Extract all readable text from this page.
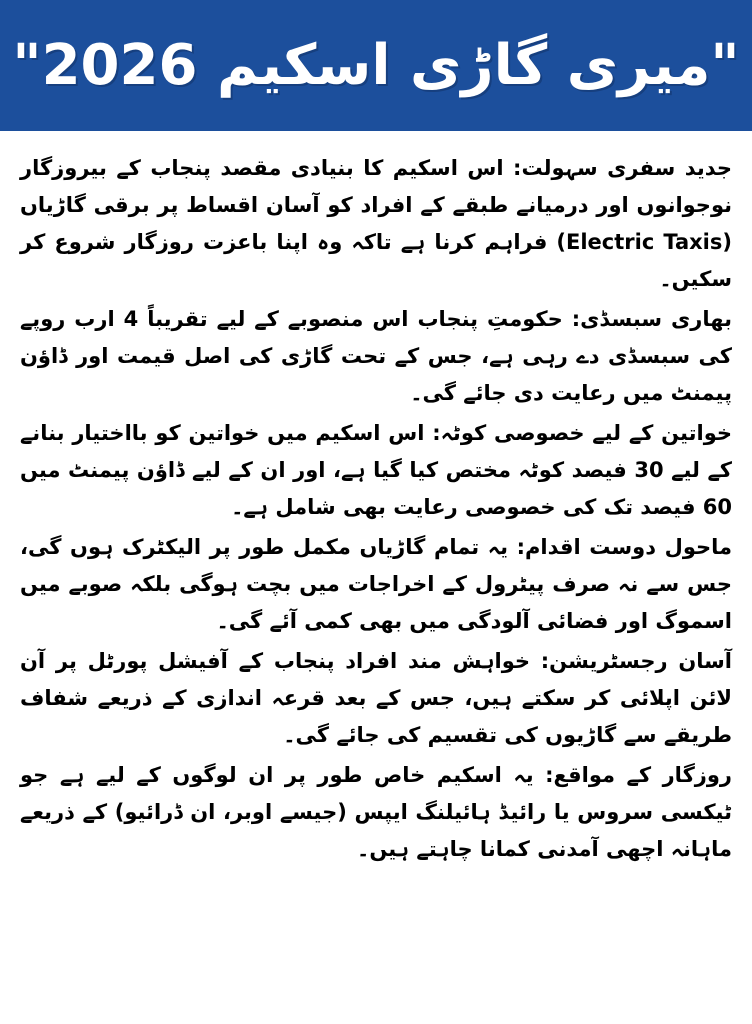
"میری گاڑی اسکیم 2026"

جدید سفری سہولت: اس اسکیم کا بنیادی مقصد پنجاب کے بیروزگار نوجوانوں اور درمیانے طبقے کے افراد کو آسان اقساط پر برقی گاڑیاں (Electric Taxis) فراہم کرنا ہے تاکہ وہ اپنا باعزت روزگار شروع کر سکیں۔

بھاری سبسڈی: حکومتِ پنجاب اس منصوبے کے لیے تقریباً 4 ارب روپے کی سبسڈی دے رہی ہے، جس کے تحت گاڑی کی اصل قیمت اور ڈاؤن پیمنٹ میں رعایت دی جائے گی۔

خواتین کے لیے خصوصی کوٹہ: اس اسکیم میں خواتین کو بااختیار بنانے کے لیے 30 فیصد کوٹہ مختص کیا گیا ہے، اور ان کے لیے ڈاؤن پیمنٹ میں 60 فیصد تک کی خصوصی رعایت بھی شامل ہے۔

ماحول دوست اقدام: یہ تمام گاڑیاں مکمل طور پر الیکٹرک ہوں گی، جس سے نہ صرف پیٹرول کے اخراجات میں بچت ہوگی بلکہ صوبے میں اسموگ اور فضائی آلودگی میں بھی کمی آئے گی۔

آسان رجسٹریشن: خواہش مند افراد پنجاب کے آفیشل پورٹل پر آن لائن اپلائی کر سکتے ہیں، جس کے بعد قرعہ اندازی کے ذریعے شفاف طریقے سے گاڑیوں کی تقسیم کی جائے گی۔

روزگار کے مواقع: یہ اسکیم خاص طور پر ان لوگوں کے لیے ہے جو ٹیکسی سروس یا رائیڈ ہائیلنگ ایپس (جیسے اوبر، ان ڈرائیو) کے ذریعے ماہانہ اچھی آمدنی کمانا چاہتے ہیں۔
